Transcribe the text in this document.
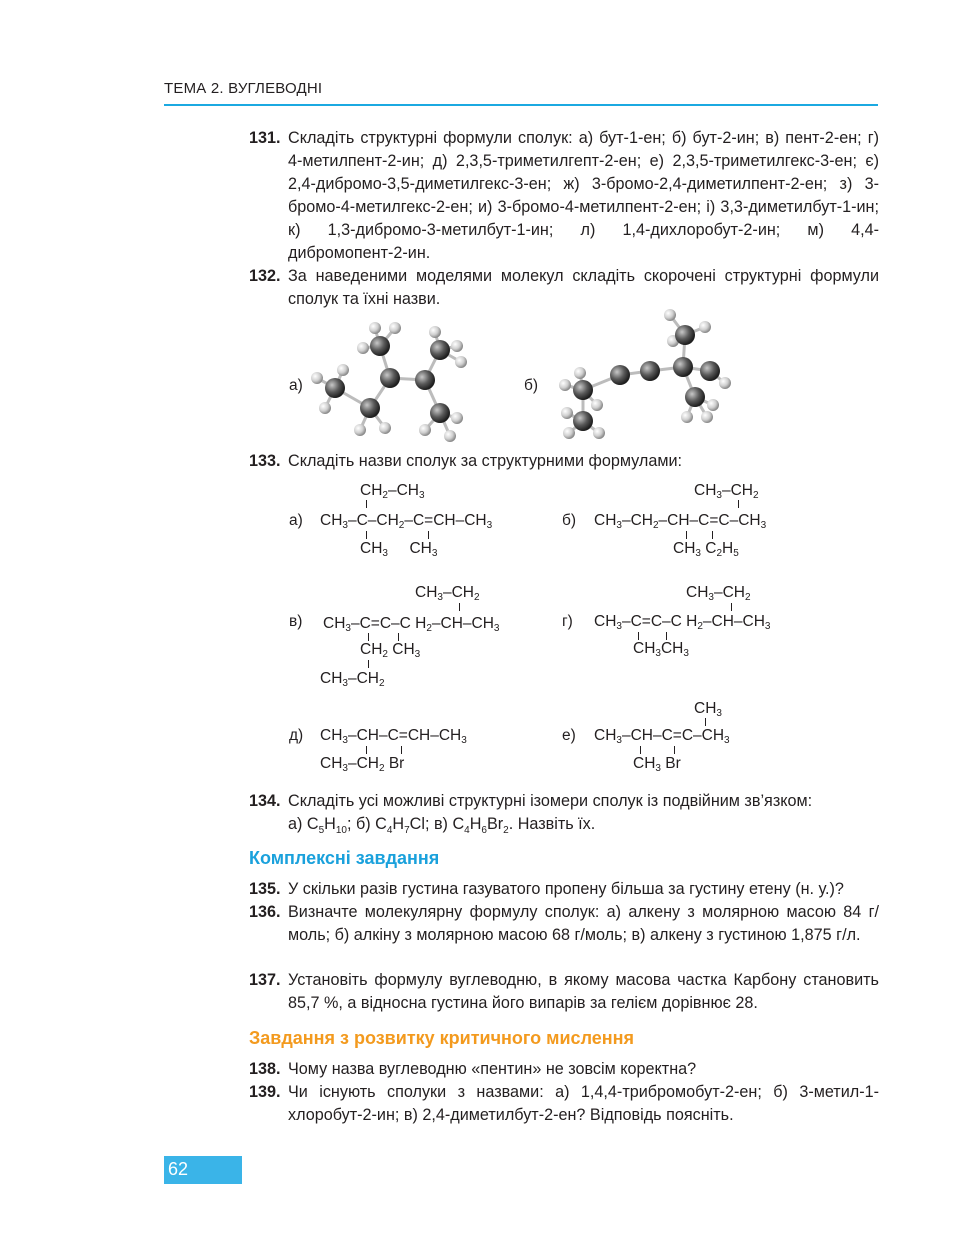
ТЕМА 2. ВУГЛЕВОДНІ
131. Складіть структурні формули сполук: а) бут-1-ен; б) бут-2-ин; в) пент-2-ен; г) 4-метилпент-2-ин; д) 2,3,5-триметилгепт-2-ен; е) 2,3,5-триметилгекс-3-ен; є) 2,4-дибромо-3,5-диметилгекс-3-ен; ж) 3-бромо-2,4-диметилпент-2-ен; з) 3-бромо-4-метилгекс-2-ен; и) 3-бромо-4-метилпент-2-ен; і) 3,3-диметилбут-1-ин; к) 1,3-дибромо-3-метилбут-1-ин; л) 1,4-дихлоробут-2-ин; м) 4,4-дибромопент-2-ин.
132. За наведеними моделями молекул складіть скорочені структурні формули сполук та їхні назви.
а)	б)
133. Складіть назви сполук за структурними формулами:
а)
$CH_2-CH_3$
$CH_3-C-CH_2-C=CH-CH_3$
$CH_3$     $CH_3$
б)
$CH_3-CH_2$
$CH_3-CH_2-CH-C=C-CH_3$
$CH_3$ $C_2H_5$
в)
$CH_3-CH_2$
$CH_3-C=C-C$ $H_2-CH-CH_3$
$CH_2$ $CH_3$
$CH_3-CH_2$
г)
$CH_3-CH_2$
$CH_3-C=C-C$ $H_2-CH-CH_3$
$CH_3CH_3$
д) $CH_3-CH-C=CH-CH_3$
$CH_3-CH_2$ Br
е)
$CH_3$
$CH_3-CH-C=C-CH_3$
$CH_3$ Br
134. Складіть усі можливі структурні ізомери сполук із подвійним зв’язком:
а) $C_5H_{10}$; б) $C_4H_7Cl$; в) $C_4H_6Br_2$. Назвіть їх.
Комплексні завдання
135. У скільки разів густина газуватого пропену більша за густину етену (н. у.)?
136. Визначте молекулярну формулу сполук: а) алкену з молярною масою 84 г/моль; б) алкіну з молярною масою 68 г/моль; в) алкену з густиною 1,875 г/л.
137. Установіть формулу вуглеводню, в якому масова частка Карбону становить 85,7 %, а відносна густина його випарів за гелієм дорівнює 28.
Завдання з розвитку критичного мислення
138. Чому назва вуглеводню «пентин» не зовсім коректна?
139. Чи існують сполуки з назвами: а) 1,4,4-трибромобут-2-ен; б) 3-метил-1-хлоробут-2-ин; в) 2,4-диметилбут-2-ен? Відповідь поясніть.
62
